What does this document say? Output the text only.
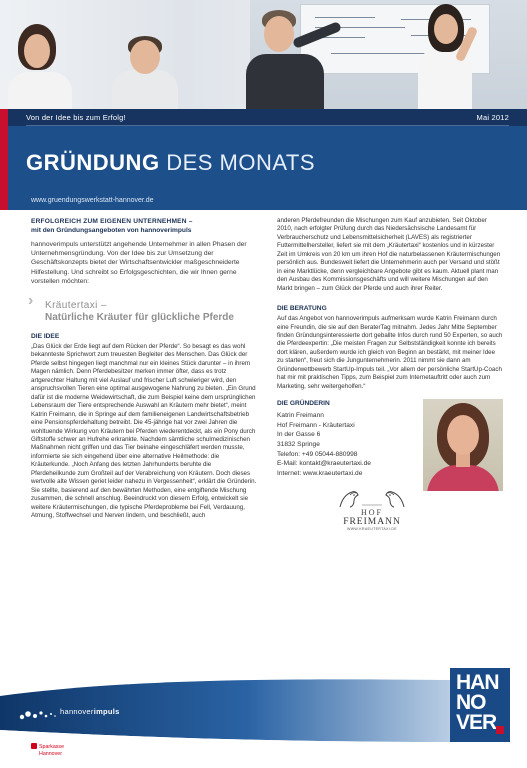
Von der Idee bis zum Erfolg!	Mai 2012
GRÜNDUNG DES MONATS
www.gruendungswerkstatt-hannover.de
ERFOLGREICH ZUM EIGENEN UNTERNEHMEN –
mit den Gründungsangeboten von hannoverimpuls

hannoverimpuls unterstützt angehende Unternehmer in allen Phasen der Unternehmensgründung. Von der Idee bis zur Umsetzung der Geschäftskonzepts bietet der Wirtschaftsentwickler maßgeschneiderte Hilfestellung. Und schreibt so Erfolgsgeschichten, die wir Ihnen gerne vorstellen möchten:

› Kräutertaxi –
Natürliche Kräuter für glückliche Pferde
DIE IDEE

„Das Glück der Erde liegt auf dem Rücken der Pferde“. So besagt es das wohl bekannteste Sprichwort zum treuesten Begleiter des Menschen. Das Glück der Pferde selbst hingegen liegt manchmal nur ein kleines Stück darunter – in ihrem Magen nämlich. Denn Pferdebesitzer merken immer öfter, dass es trotz artgerechter Haltung mit viel Auslauf und frischer Luft schwieriger wird, den anspruchsvollen Tieren eine optimal ausgewogene Nahrung zu bieten. „Ein Grund dafür ist die moderne Weidewirtschaft, die zum Beispiel keine dem ursprünglichen Lebensraum der Tiere entsprechende Auswahl an Kräutern mehr bietet“, meint Katrin Freimann, die in Springe auf dem familieneigenen Landwirtschaftsbetrieb eine Pensionspferdehaltung betreibt. Die 45-jährige hat vor zwei Jahren die wohltuende Wirkung von Kräutern bei Pferden wiederentdeckt, als ein Pony durch Giftstoffe schwer an Hufrehe erkrankte. Nachdem sämtliche schulmedizinischen Maßnahmen nicht griffen und das Tier beinahe eingeschläfert werden musste, informierte sie sich eingehend über eine alternative Heilmethode: die Kräuterkunde. „Noch Anfang des letzten Jahrhunderts beruhte die Pferdeheilkunde zum Großteil auf der Verabreichung von Kräutern. Doch dieses wertvolle alte Wissen geriet leider nahezu in Vergessenheit“, erklärt die Gründerin. Sie stellte, basierend auf den bewährten Methoden, eine entgiftende Mischung zusammen, die schnell anschlug. Beeindruckt von diesem Erfolg, entwickelt sie weitere Kräutermischungen, die typische Pferdeprobleme bei Fell, Verdauung, Atmung, Stoffwechsel und Nerven lindern, und beschließt, auch

anderen Pferdefreunden die Mischungen zum Kauf anzubieten. Seit Oktober 2010, nach erfolgter Prüfung durch das Niedersächsische Landesamt für Verbraucherschutz und Lebensmittelsicherheit (LAVES) als registrierter Futtermittelhersteller, liefert sie mit dem „Kräutertaxi“ kostenlos und in kürzester Zeit im Umkreis von 20 km um ihren Hof die naturbelassenen Kräutermischungen persönlich aus. Bundesweit liefert die Unternehmerin auch per Versand und stößt in eine Marktlücke, denn vergleichbare Angebote gibt es kaum. Aktuell plant man den Ausbau des Kommissionsgeschäfts und will weitere Mischungen auf den Markt bringen – zum Glück der Pferde und auch ihrer Reiter.

DIE BERATUNG

Auf das Angebot von hannoverimpuls aufmerksam wurde Katrin Freimann durch eine Freundin, die sie auf den BeraterTag mitnahm. Jedes Jahr Mitte September finden Gründungsinteressierte dort geballte Infos durch rund 50 Experten, so auch die Pferdeexpertin: „Die meisten Fragen zur Selbstständigkeit konnte ich bereits dort klären, außerdem wurde ich gleich von Beginn an bestärkt, mit meiner Idee zu starten“, freut sich die Jungunternehmerin. 2011 nimmt sie dann am Gründerwettbewerb StartUp-Impuls teil. „Vor allem der persönliche StartUp-Coach hat mir mit praktischen Tipps, zum Beispiel zum Internetauftritt oder auch zum Marketing, sehr weitergeholfen.“

DIE GRÜNDERIN
Katrin Freimann
Hof Freimann - Kräutertaxi
In der Gasse 6
31832 Springe
Telefon: +49 05044-880998
E-Mail: kontakt@kraeutertaxi.de
Internet: www.kraeutertaxi.de
HOF
FREIMANN
WWW.KRAEUTERTAXI.DE
hannoverimpuls
HAN
NO
VER
Sparkasse
Hannover
